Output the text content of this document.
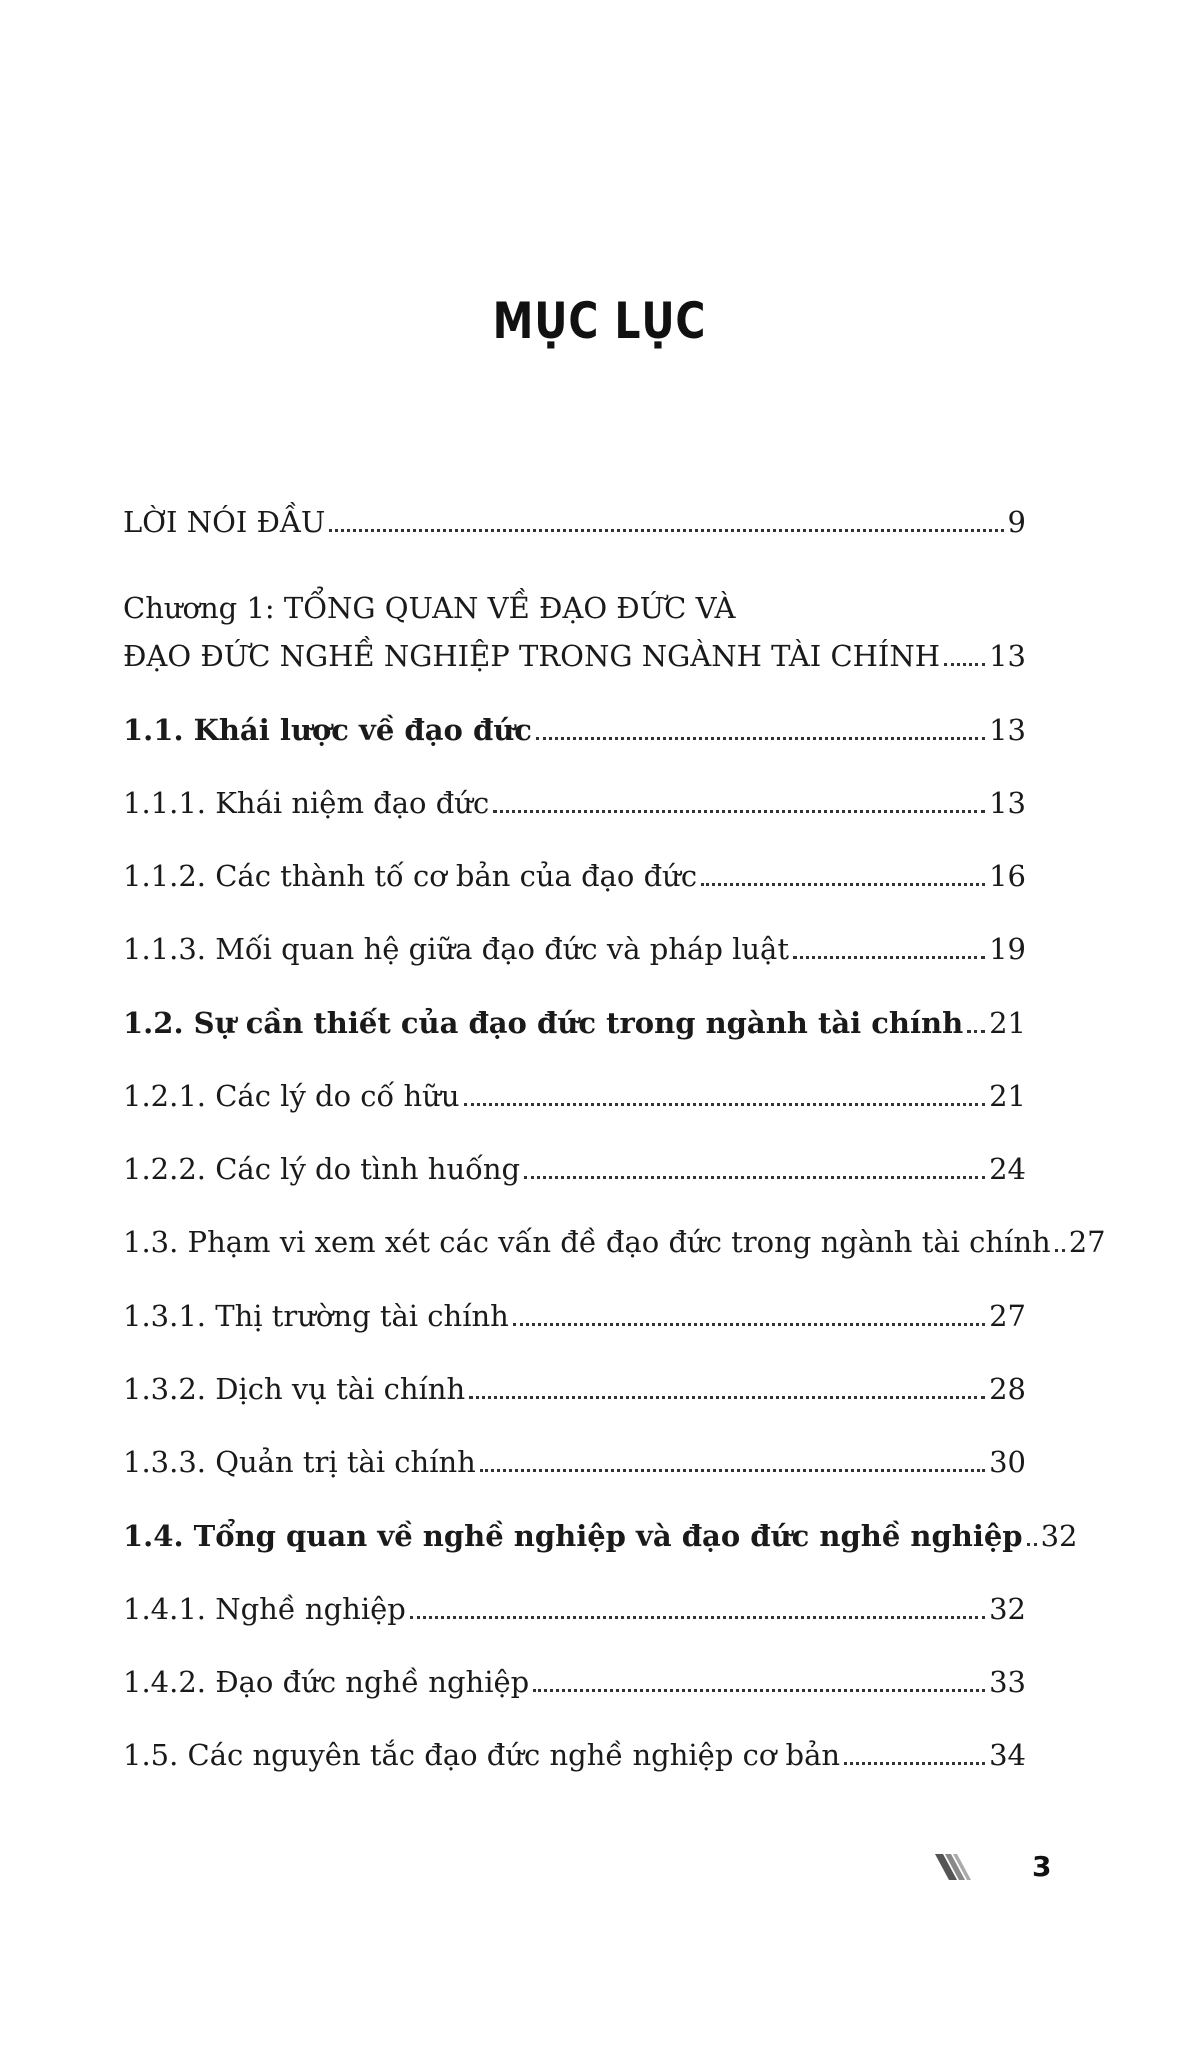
MỤC LỤC
LỜI NÓI ĐẦU	9
Chương 1: TỔNG QUAN VỀ ĐẠO ĐỨC VÀ
ĐẠO ĐỨC NGHỀ NGHIỆP TRONG NGÀNH TÀI CHÍNH 13
1.1. Khái lược về đạo đức	13
1.1.1. Khái niệm đạo đức	13
1.1.2. Các thành tố cơ bản của đạo đức	16
1.1.3. Mối quan hệ giữa đạo đức và pháp luật	19
1.2. Sự cần thiết của đạo đức trong ngành tài chính 21
1.2.1. Các lý do cố hữu	21
1.2.2. Các lý do tình huống	24
1.3. Phạm vi xem xét các vấn đề đạo đức trong ngành tài chính 27
1.3.1. Thị trường tài chính	27
1.3.2. Dịch vụ tài chính	28
1.3.3. Quản trị tài chính	30
1.4. Tổng quan về nghề nghiệp và đạo đức nghề nghiệp 32
1.4.1. Nghề nghiệp	32
1.4.2. Đạo đức nghề nghiệp	33
1.5. Các nguyên tắc đạo đức nghề nghiệp cơ bản	34
3
